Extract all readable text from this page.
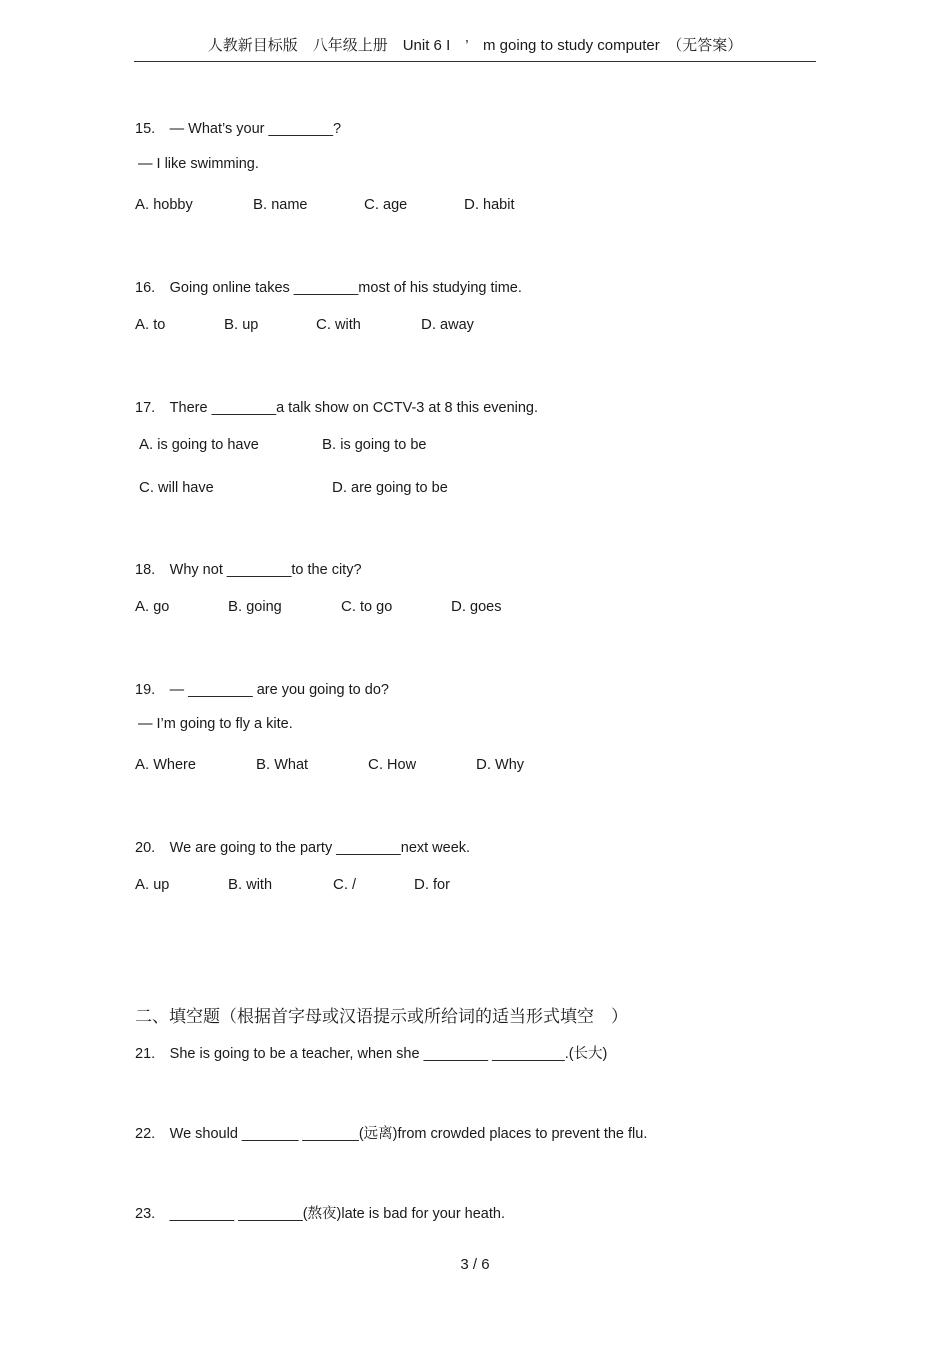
人教新目标版　八年级上册　Unit 6 I　’　m going to study computer　（无答案）
15.　— What’s your ________?
— I like swimming.
A. hobby	B. name	C. age	D. habit
16.　Going online takes ________most of his studying time.
A. to	B. up	C. with	D. away
17.　There ________a talk show on CCTV-3 at 8 this evening.
A. is going to have	B. is going to be
C. will have	D. are going to be
18.　Why not ________to the city?
A. go	B. going	C. to go	D. goes
19.　— ________ are you going to do?
— I’m going to fly a kite.
A. Where	B. What	C. How	D. Why
20.　We are going to the party ________next week.
A. up	B. with	C. /	D. for
二、填空题（根据首字母或汉语提示或所给词的适当形式填空　）
21.　She is going to be a teacher, when she ________ _________.(长大)
22.　We should _______ _______(远离)from crowded places to prevent the flu.
23.　________ ________(熬夜)late is bad for your heath.
3 / 6
